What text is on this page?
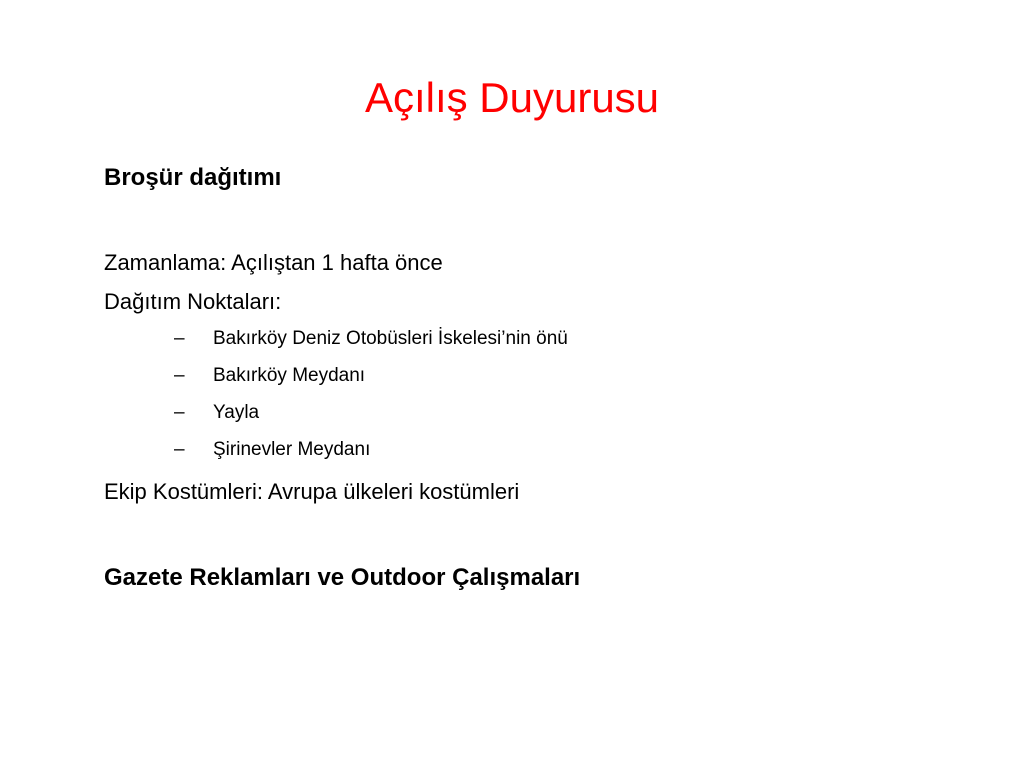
Açılış Duyurusu

Broşür dağıtımı

Zamanlama: Açılıştan 1 hafta önce

Dağıtım Noktaları:

–	Bakırköy Deniz Otobüsleri İskelesi’nin önü
–	Bakırköy Meydanı
–	Yayla
–	Şirinevler Meydanı

Ekip Kostümleri: Avrupa ülkeleri kostümleri

Gazete Reklamları ve Outdoor Çalışmaları
